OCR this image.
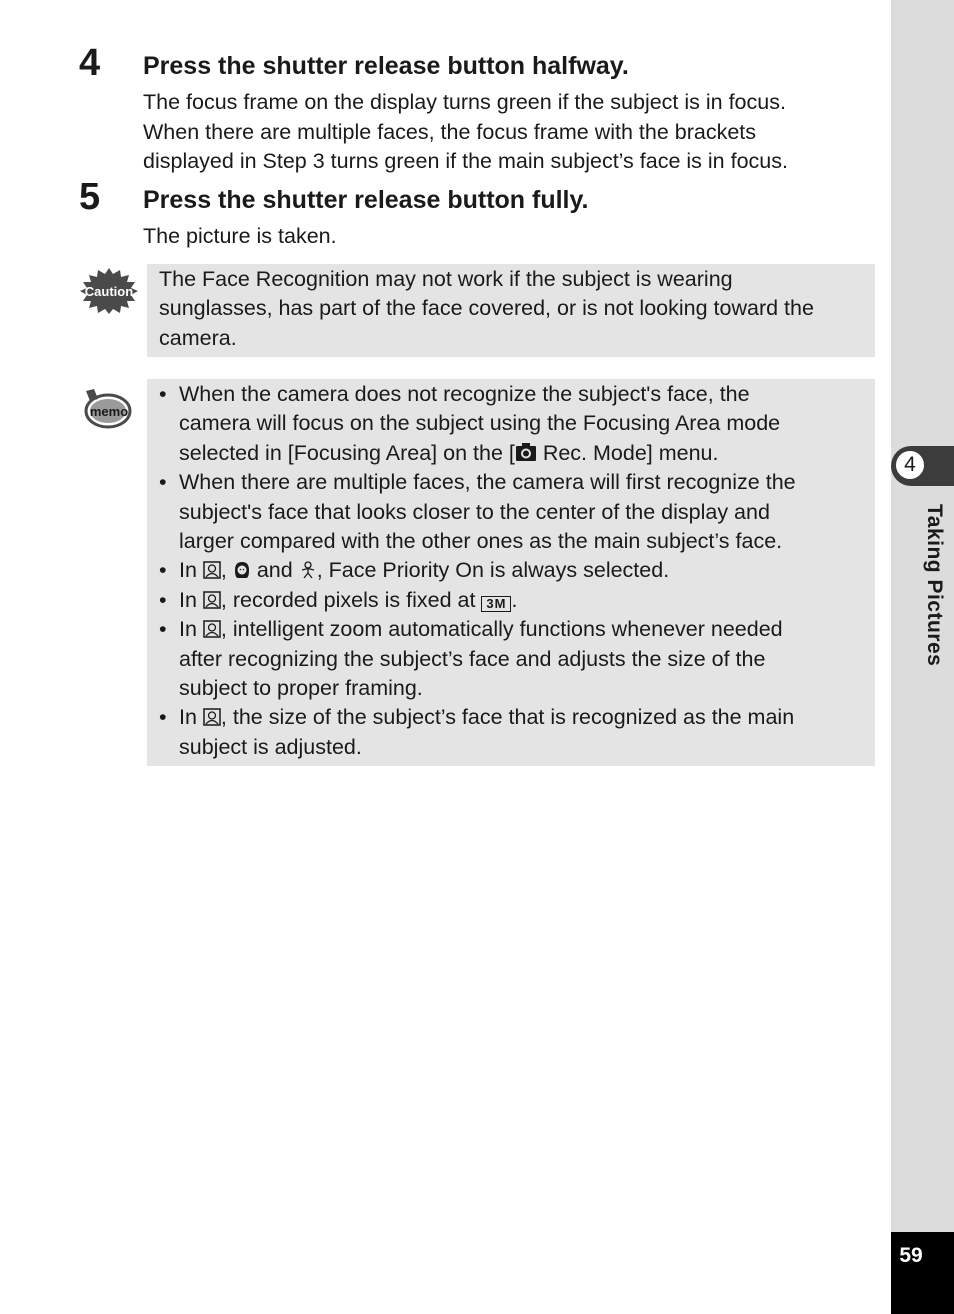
4 Press the shutter release button halfway.
The focus frame on the display turns green if the subject is in focus.
When there are multiple faces, the focus frame with the brackets
displayed in Step 3 turns green if the main subject’s face is in focus.
5 Press the shutter release button fully.
The picture is taken.
Caution
The Face Recognition may not work if the subject is wearing
sunglasses, has part of the face covered, or is not looking toward the
camera.
memo
• When the camera does not recognize the subject's face, the
camera will focus on the subject using the Focusing Area mode
selected in [Focusing Area] on the [ Rec. Mode] menu.
• When there are multiple faces, the camera will first recognize the
subject's face that looks closer to the center of the display and
larger compared with the other ones as the main subject’s face.
• In ,  and , Face Priority On is always selected.
• In , recorded pixels is fixed at 3M .
• In , intelligent zoom automatically functions whenever needed
after recognizing the subject’s face and adjusts the size of the
subject to proper framing.
• In , the size of the subject’s face that is recognized as the main
subject is adjusted.
4
Taking Pictures
59
